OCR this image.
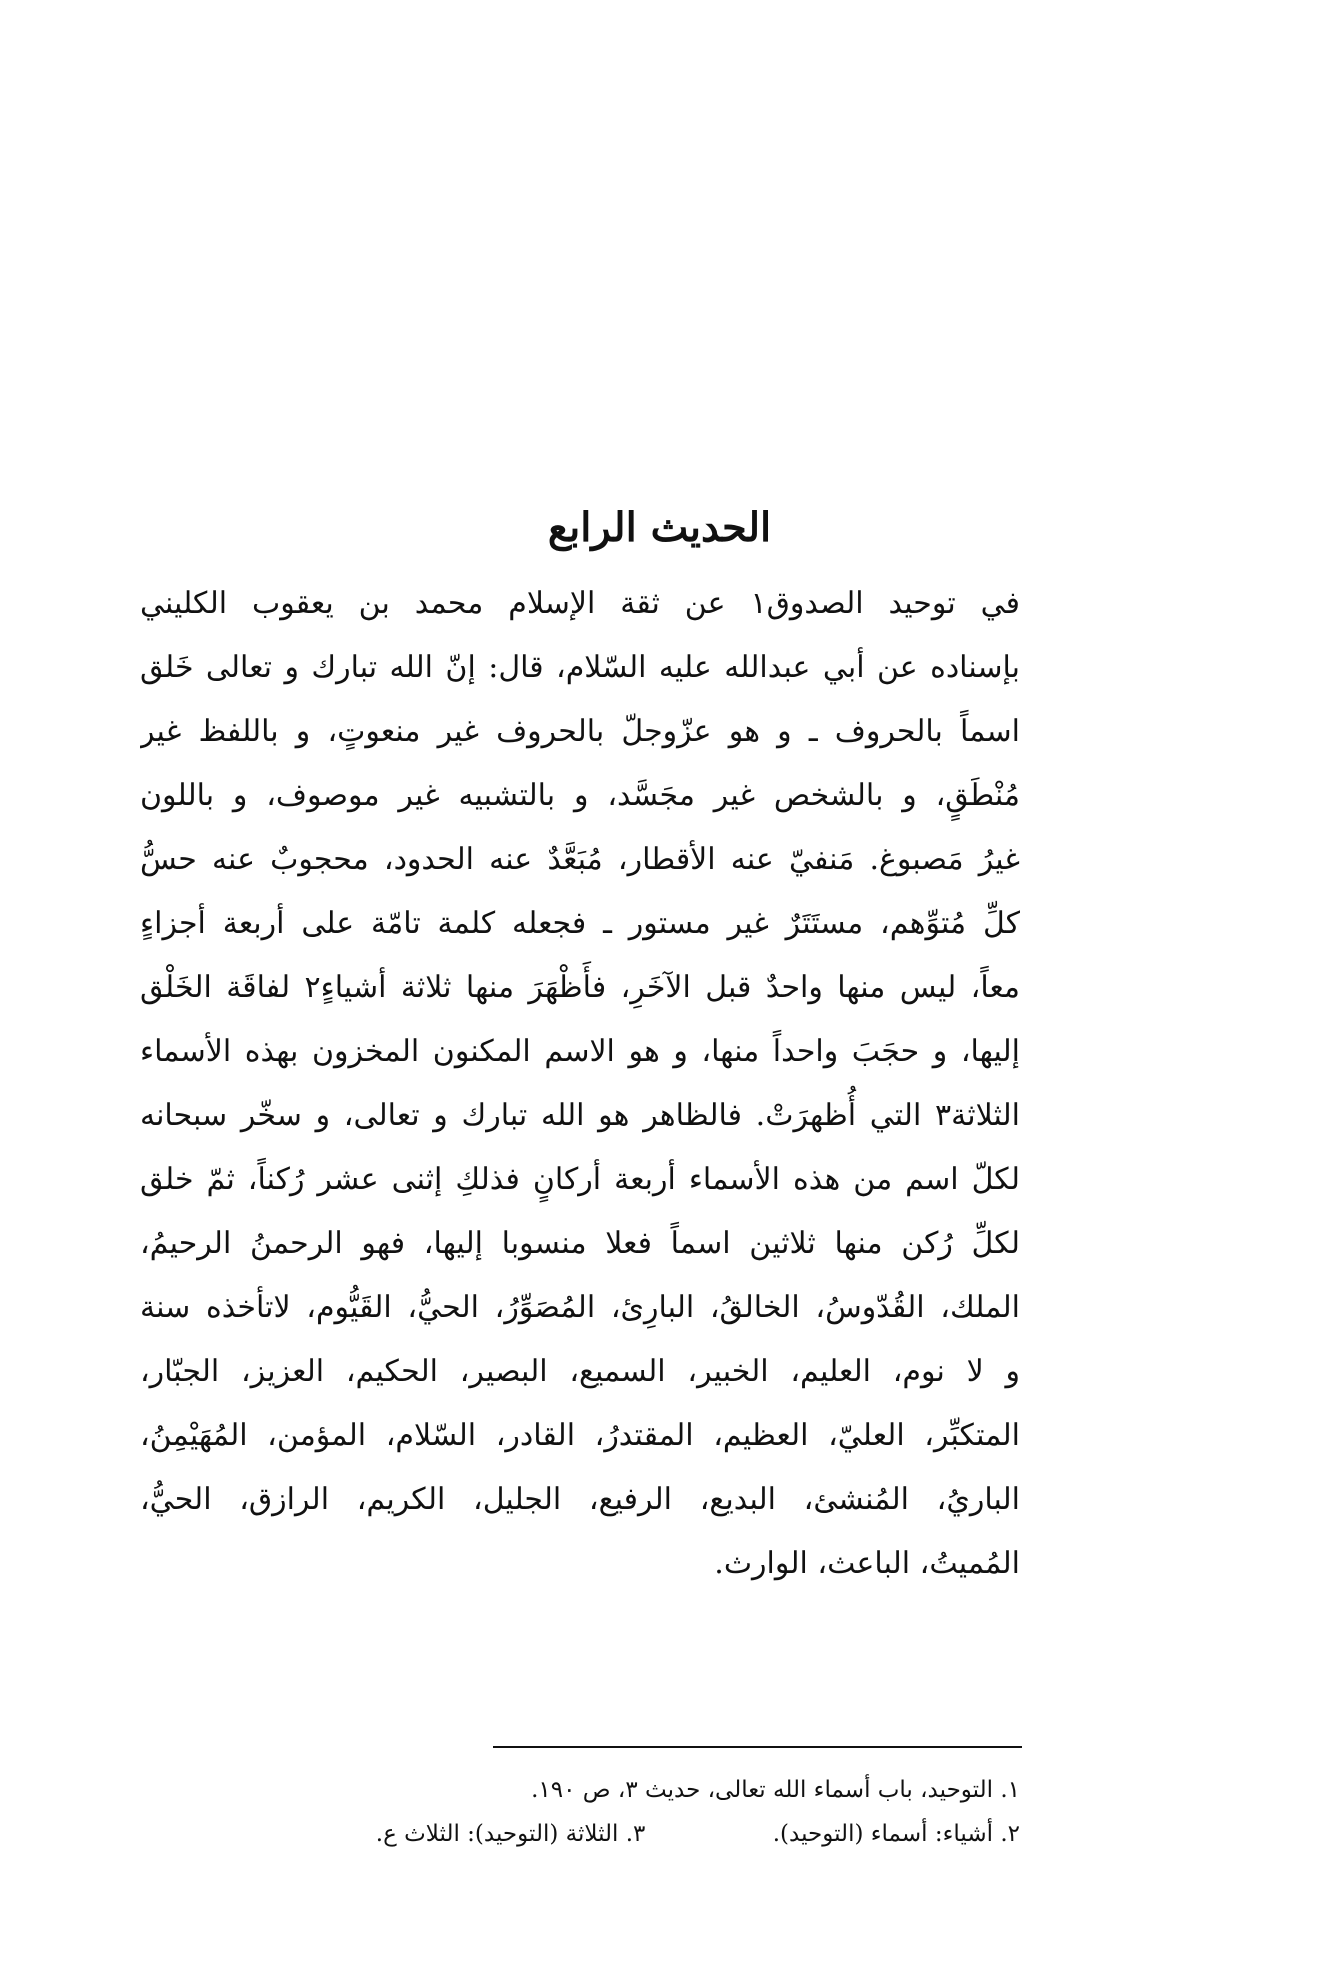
الحديث الرابع
في توحيد الصدوق١ عن ثقة الإسلام محمد بن يعقوب الكليني
بإسناده عن أبي عبدالله عليه السّلام، قال: إنّ الله تبارك و تعالى خَلق
اسماً بالحروف ـ و هو عزّوجلّ بالحروف غير منعوتٍ، و باللفظ غير
مُنْطَقٍ، و بالشخص غير مجَسَّد، و بالتشبيه غير موصوف، و باللون
غيرُ مَصبوغ. مَنفيّ عنه الأقطار، مُبَعَّدٌ عنه الحدود، محجوبٌ عنه حسُّ
كلِّ مُتوِّهم، مستَتَرٌ غير مستور ـ فجعله كلمة تامّة على أربعة أجزاءٍ
معاً، ليس منها واحدٌ قبل الآخَرِ، فأَظْهَرَ منها ثلاثة أشياءٍ٢ لفاقَة الخَلْق
إليها، و حجَبَ واحداً منها، و هو الاسم المكنون المخزون بهذه الأسماء
الثلاثة٣ التي أُظهرَتْ. فالظاهر هو الله تبارك و تعالى، و سخّر سبحانه
لكلّ اسم من هذه الأسماء أربعة أركانٍ فذلكِ إثنى عشر رُكناً، ثمّ خلق
لكلِّ رُكن منها ثلاثين اسماً فعلا منسوبا إليها، فهو الرحمنُ الرحيمُ،
الملك، القُدّوسُ، الخالقُ، البارِئ، المُصَوِّرُ، الحيُّ، القَيُّوم، لاتأخذه سنة
و لا نوم، العليم، الخبير، السميع، البصير، الحكيم، العزيز، الجبّار،
المتكبِّر، العليّ، العظيم، المقتدرُ، القادر، السّلام، المؤمن، المُهَيْمِنُ،
الباريُ، المُنشئ، البديع، الرفيع، الجليل، الكريم، الرازق، الحيُّ،
المُميتُ، الباعث، الوارث.
١. التوحيد، باب أسماء الله تعالى، حديث ٣، ص ١٩٠.
٢. أشياء: أسماء (التوحيد). ٣. الثلاثة (التوحيد): الثلاث ع.
